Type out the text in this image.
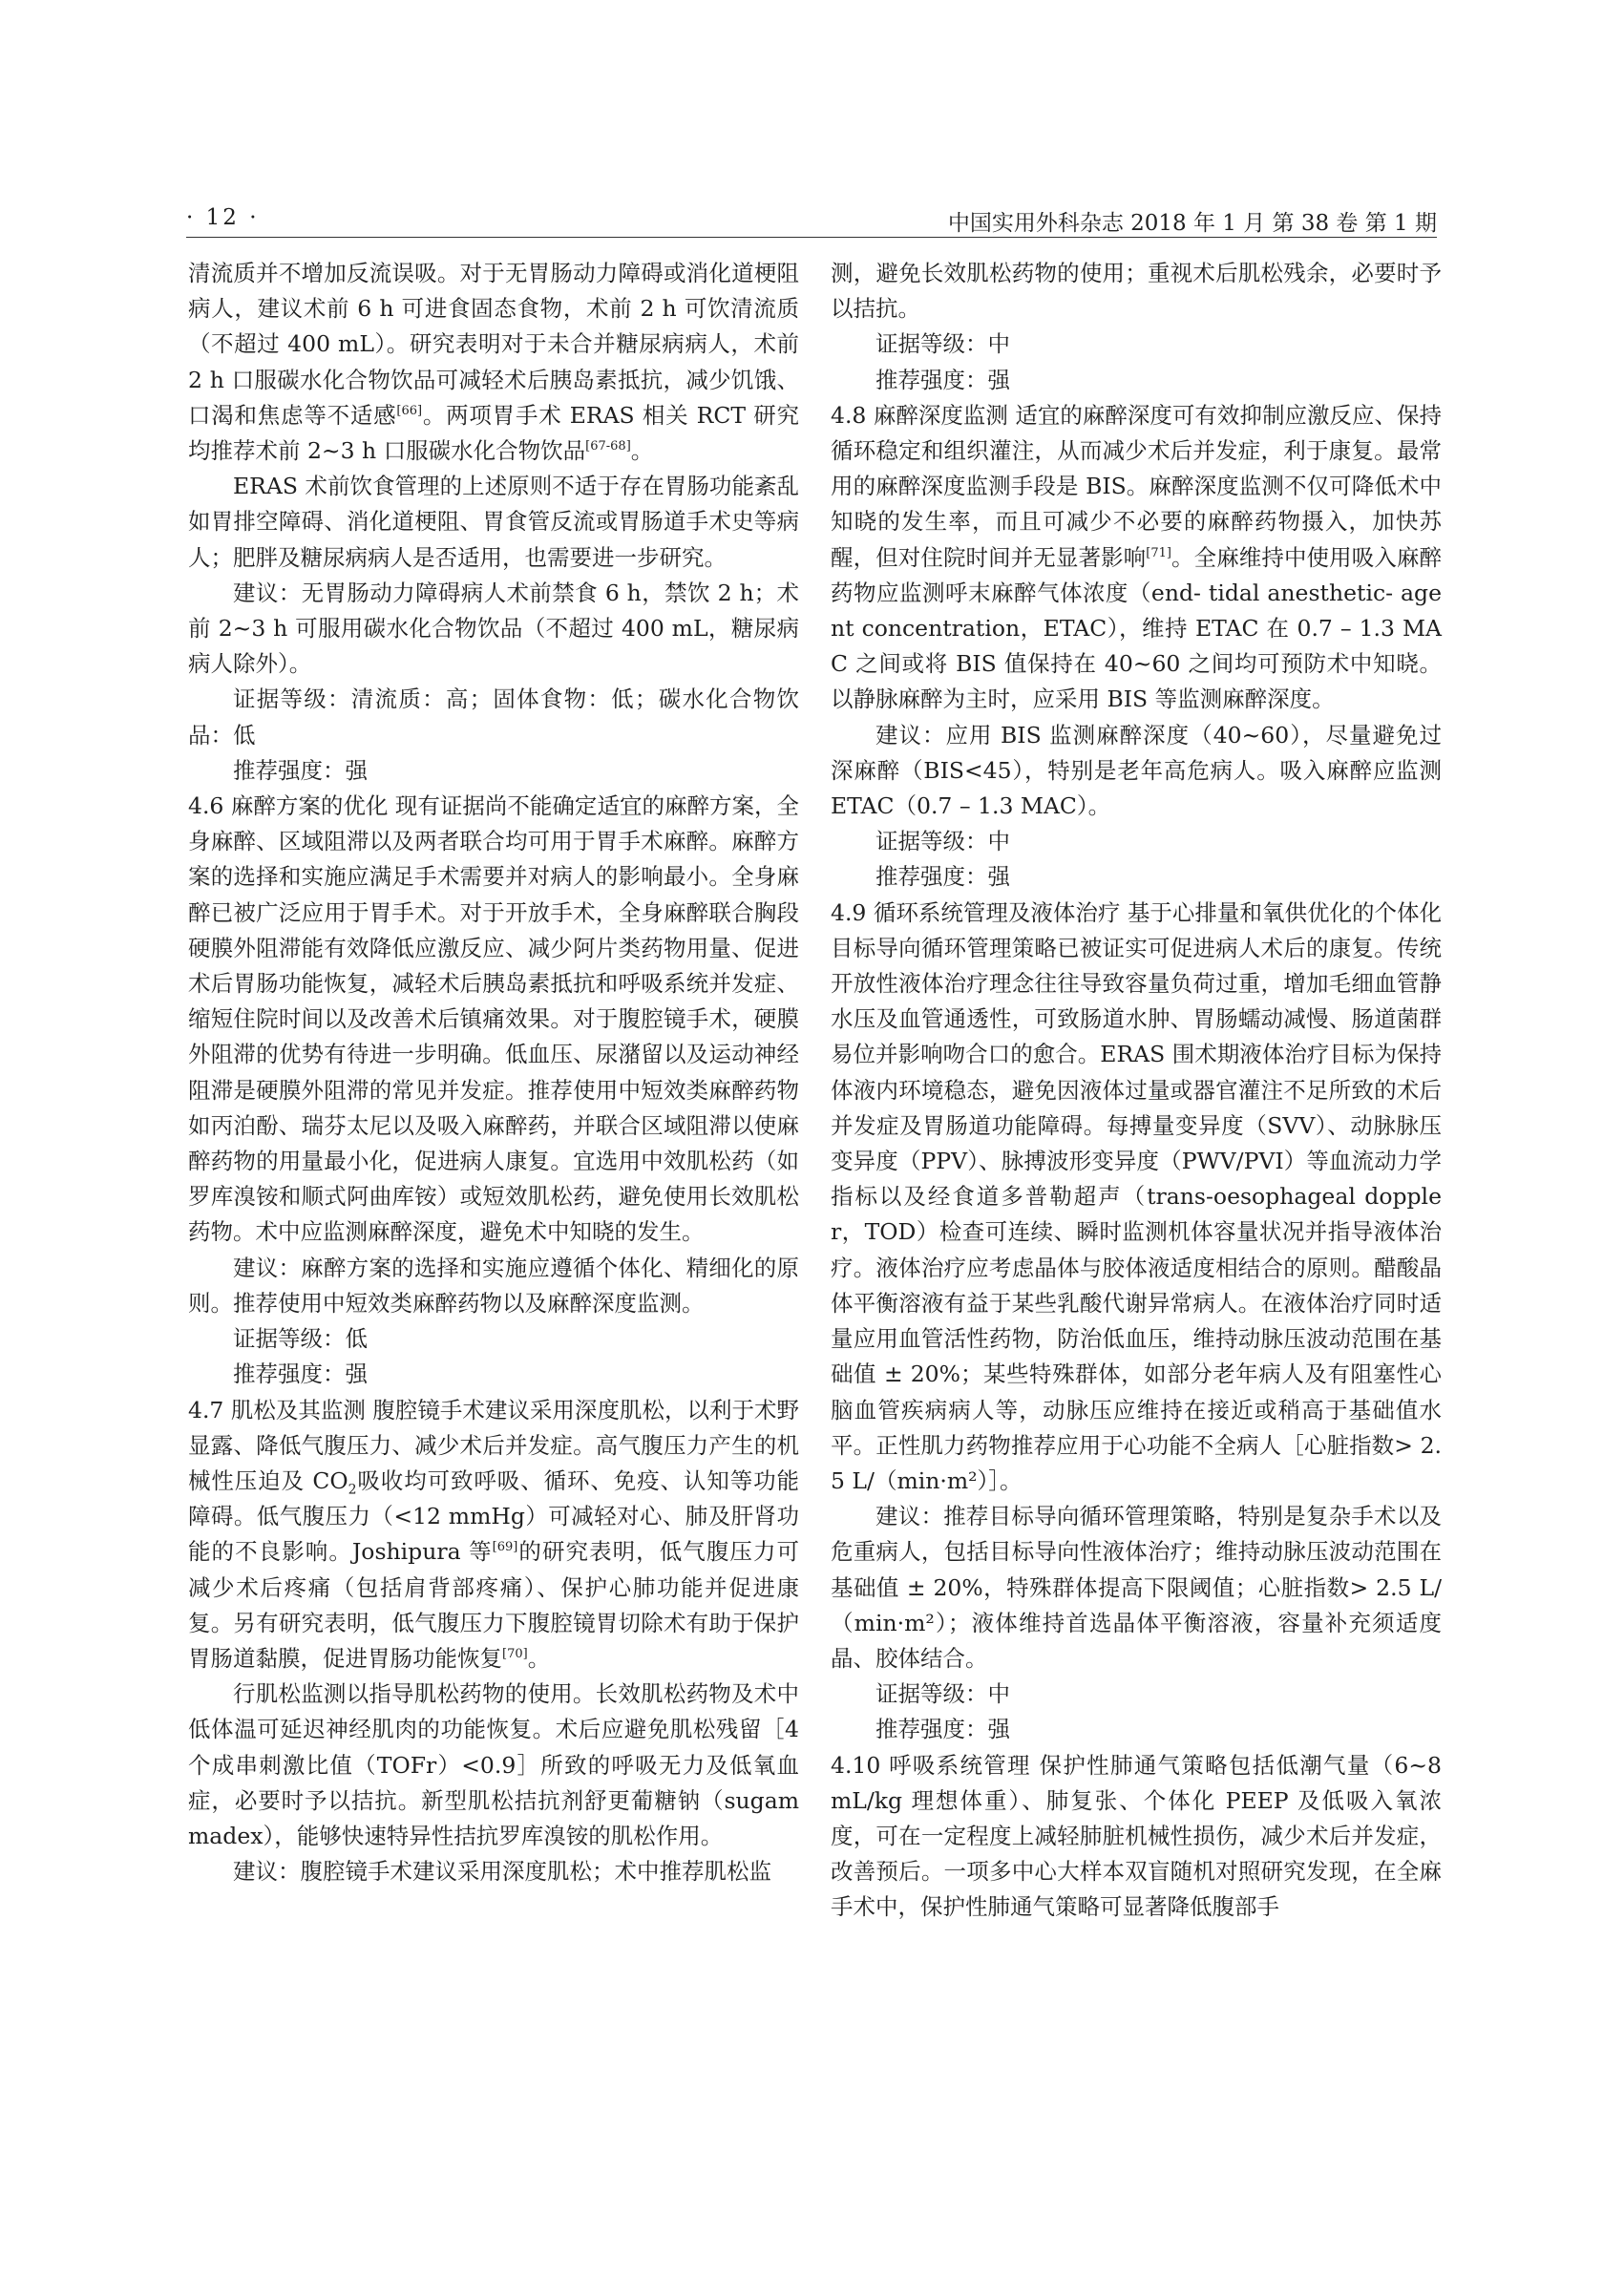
· 12 ·	中国实用外科杂志 2018 年 1 月 第 38 卷 第 1 期

清流质并不增加反流误吸。对于无胃肠动力障碍或消化道梗阻病人，建议术前 6 h 可进食固态食物，术前 2 h 可饮清流质（不超过 400 mL）。研究表明对于未合并糖尿病病人，术前 2 h 口服碳水化合物饮品可减轻术后胰岛素抵抗，减少饥饿、口渴和焦虑等不适感[66]。两项胃手术 ERAS 相关 RCT 研究均推荐术前 2~3 h 口服碳水化合物饮品[67-68]。

ERAS 术前饮食管理的上述原则不适于存在胃肠功能紊乱如胃排空障碍、消化道梗阻、胃食管反流或胃肠道手术史等病人；肥胖及糖尿病病人是否适用，也需要进一步研究。

建议：无胃肠动力障碍病人术前禁食 6 h，禁饮 2 h；术前 2~3 h 可服用碳水化合物饮品（不超过 400 mL，糖尿病病人除外）。

证据等级：清流质：高；固体食物：低；碳水化合物饮品：低

推荐强度：强

4.6 麻醉方案的优化 现有证据尚不能确定适宜的麻醉方案，全身麻醉、区域阻滞以及两者联合均可用于胃手术麻醉。麻醉方案的选择和实施应满足手术需要并对病人的影响最小。全身麻醉已被广泛应用于胃手术。对于开放手术，全身麻醉联合胸段硬膜外阻滞能有效降低应激反应、减少阿片类药物用量、促进术后胃肠功能恢复，减轻术后胰岛素抵抗和呼吸系统并发症、缩短住院时间以及改善术后镇痛效果。对于腹腔镜手术，硬膜外阻滞的优势有待进一步明确。低血压、尿潴留以及运动神经阻滞是硬膜外阻滞的常见并发症。推荐使用中短效类麻醉药物如丙泊酚、瑞芬太尼以及吸入麻醉药，并联合区域阻滞以使麻醉药物的用量最小化，促进病人康复。宜选用中效肌松药（如罗库溴铵和顺式阿曲库铵）或短效肌松药，避免使用长效肌松药物。术中应监测麻醉深度，避免术中知晓的发生。

建议：麻醉方案的选择和实施应遵循个体化、精细化的原则。推荐使用中短效类麻醉药物以及麻醉深度监测。

证据等级：低

推荐强度：强

4.7 肌松及其监测 腹腔镜手术建议采用深度肌松，以利于术野显露、降低气腹压力、减少术后并发症。高气腹压力产生的机械性压迫及 $CO_2$吸收均可致呼吸、循环、免疫、认知等功能障碍。低气腹压力（<12 mmHg）可减轻对心、肺及肝肾功能的不良影响。Joshipura 等[69]的研究表明，低气腹压力可减少术后疼痛（包括肩背部疼痛）、保护心肺功能并促进康复。另有研究表明，低气腹压力下腹腔镜胃切除术有助于保护胃肠道黏膜，促进胃肠功能恢复[70]。

行肌松监测以指导肌松药物的使用。长效肌松药物及术中低体温可延迟神经肌肉的功能恢复。术后应避免肌松残留［4 个成串刺激比值（TOFr）<0.9］所致的呼吸无力及低氧血症，必要时予以拮抗。新型肌松拮抗剂舒更葡糖钠（sugammadex），能够快速特异性拮抗罗库溴铵的肌松作用。

建议：腹腔镜手术建议采用深度肌松；术中推荐肌松监

测，避免长效肌松药物的使用；重视术后肌松残余，必要时予以拮抗。

证据等级：中

推荐强度：强

4.8 麻醉深度监测 适宜的麻醉深度可有效抑制应激反应、保持循环稳定和组织灌注，从而减少术后并发症，利于康复。最常用的麻醉深度监测手段是 BIS。麻醉深度监测不仅可降低术中知晓的发生率，而且可减少不必要的麻醉药物摄入，加快苏醒，但对住院时间并无显著影响[71]。全麻维持中使用吸入麻醉药物应监测呼末麻醉气体浓度（end- tidal anesthetic- agent concentration，ETAC），维持 ETAC 在 0.7 – 1.3 MAC 之间或将 BIS 值保持在 40~60 之间均可预防术中知晓。以静脉麻醉为主时，应采用 BIS 等监测麻醉深度。

建议：应用 BIS 监测麻醉深度（40~60），尽量避免过深麻醉（BIS<45），特别是老年高危病人。吸入麻醉应监测 ETAC（0.7 – 1.3 MAC）。

证据等级：中

推荐强度：强

4.9 循环系统管理及液体治疗 基于心排量和氧供优化的个体化目标导向循环管理策略已被证实可促进病人术后的康复。传统开放性液体治疗理念往往导致容量负荷过重，增加毛细血管静水压及血管通透性，可致肠道水肿、胃肠蠕动减慢、肠道菌群易位并影响吻合口的愈合。ERAS 围术期液体治疗目标为保持体液内环境稳态，避免因液体过量或器官灌注不足所致的术后并发症及胃肠道功能障碍。每搏量变异度（SVV）、动脉脉压变异度（PPV）、脉搏波形变异度（PWV/PVI）等血流动力学指标以及经食道多普勒超声（trans-oesophageal doppler，TOD）检查可连续、瞬时监测机体容量状况并指导液体治疗。液体治疗应考虑晶体与胶体液适度相结合的原则。醋酸晶体平衡溶液有益于某些乳酸代谢异常病人。在液体治疗同时适量应用血管活性药物，防治低血压，维持动脉压波动范围在基础值 ± 20%；某些特殊群体，如部分老年病人及有阻塞性心脑血管疾病病人等，动脉压应维持在接近或稍高于基础值水平。正性肌力药物推荐应用于心功能不全病人［心脏指数> 2.5 L/（min·m²）］。

建议：推荐目标导向循环管理策略，特别是复杂手术以及危重病人，包括目标导向性液体治疗；维持动脉压波动范围在基础值 ± 20%，特殊群体提高下限阈值；心脏指数> 2.5 L/（min·m²）；液体维持首选晶体平衡溶液，容量补充须适度晶、胶体结合。

证据等级：中

推荐强度：强

4.10 呼吸系统管理 保护性肺通气策略包括低潮气量（6~8 mL/kg 理想体重）、肺复张、个体化 PEEP 及低吸入氧浓度，可在一定程度上减轻肺脏机械性损伤，减少术后并发症，改善预后。一项多中心大样本双盲随机对照研究发现，在全麻手术中，保护性肺通气策略可显著降低腹部手
